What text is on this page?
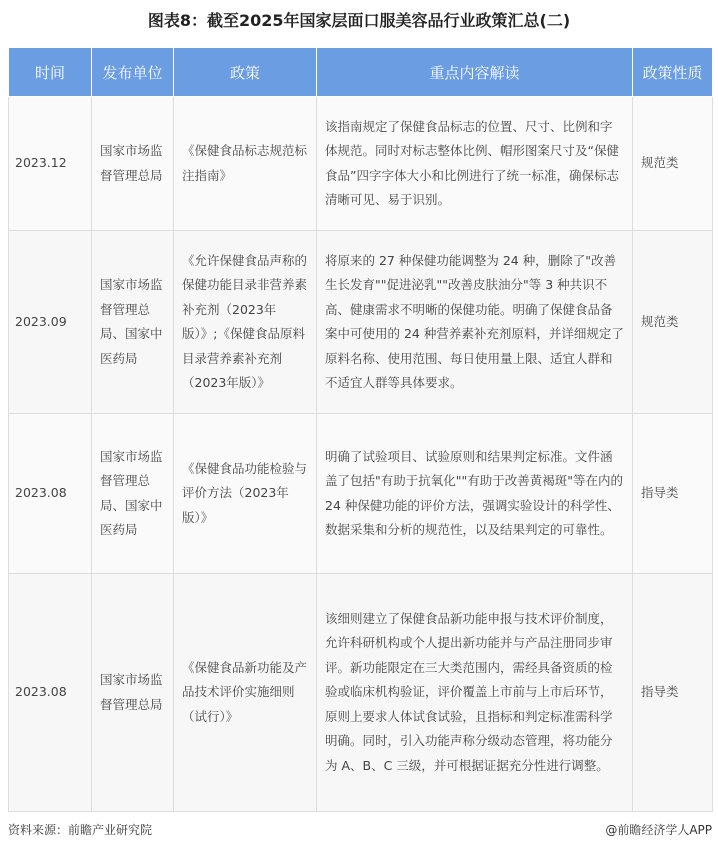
图表8：截至2025年国家层面口服美容品行业政策汇总(二)
时间	发布单位	政策	重点内容解读	政策性质
2023.12	国家市场监督管理总局	《保健食品标志规范标注指南》	该指南规定了保健食品标志的位置、尺寸、比例和字体规范。同时对标志整体比例、帽形图案尺寸及“保健食品”四字字体大小和比例进行了统一标准，确保标志清晰可见、易于识别。	规范类
2023.09	国家市场监督管理总局、国家中医药局	《允许保健食品声称的保健功能目录非营养素补充剂（2023年版）》;《保健食品原料目录营养素补充剂（2023年版）》	将原来的 27 种保健功能调整为 24 种，删除了"改善生长发育""促进泌乳""改善皮肤油分"等 3 种共识不高、健康需求不明晰的保健功能。明确了保健食品备案中可使用的 24 种营养素补充剂原料，并详细规定了原料名称、使用范围、每日使用量上限、适宜人群和不适宜人群等具体要求。	规范类
2023.08	国家市场监督管理总局、国家中医药局	《保健食品功能检验与评价方法（2023年版）》	明确了试验项目、试验原则和结果判定标准。文件涵盖了包括"有助于抗氧化""有助于改善黄褐斑"等在内的 24 种保健功能的评价方法，强调实验设计的科学性、数据采集和分析的规范性，以及结果判定的可靠性。	指导类
2023.08	国家市场监督管理总局	《保健食品新功能及产品技术评价实施细则（试行）》	该细则建立了保健食品新功能申报与技术评价制度，允许科研机构或个人提出新功能并与产品注册同步审评。新功能限定在三大类范围内，需经具备资质的检验或临床机构验证，评价覆盖上市前与上市后环节，原则上要求人体试食试验，且指标和判定标准需科学明确。同时，引入功能声称分级动态管理，将功能分为 A、B、C 三级，并可根据证据充分性进行调整。	指导类
资料来源：前瞻产业研究院	@前瞻经济学人APP
